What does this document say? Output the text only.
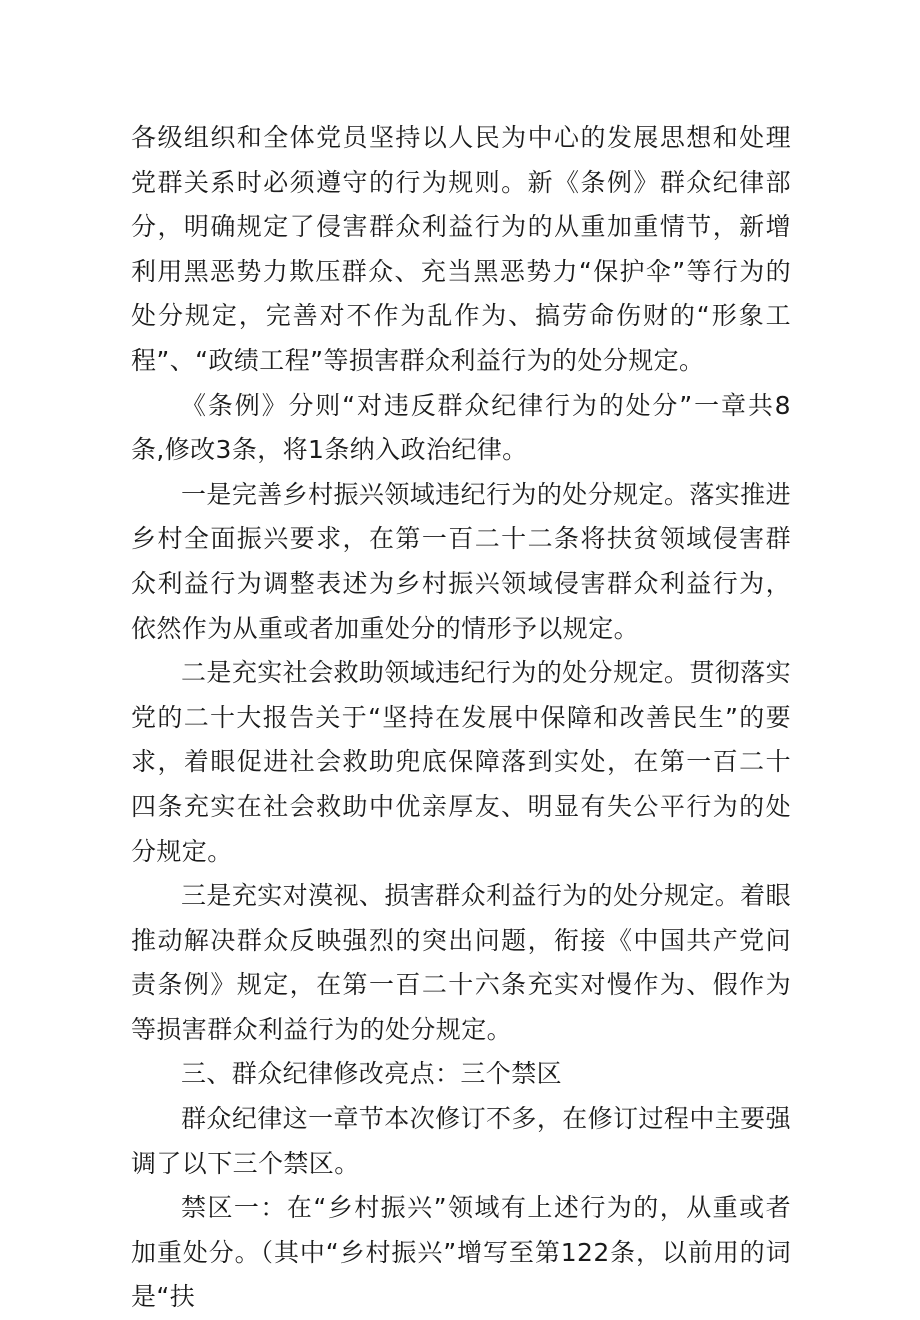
各级组织和全体党员坚持以人民为中心的发展思想和处理党群关系时必须遵守的行为规则。新《条例》群众纪律部分，明确规定了侵害群众利益行为的从重加重情节，新增利用黑恶势力欺压群众、充当黑恶势力“保护伞”等行为的处分规定，完善对不作为乱作为、搞劳命伤财的“形象工程”、“政绩工程”等损害群众利益行为的处分规定。

《条例》分则“对违反群众纪律行为的处分”一章共8条,修改3条，将1条纳入政治纪律。

一是完善乡村振兴领域违纪行为的处分规定。落实推进乡村全面振兴要求，在第一百二十二条将扶贫领域侵害群众利益行为调整表述为乡村振兴领域侵害群众利益行为，依然作为从重或者加重处分的情形予以规定。

二是充实社会救助领域违纪行为的处分规定。贯彻落实党的二十大报告关于“坚持在发展中保障和改善民生”的要求，着眼促进社会救助兜底保障落到实处，在第一百二十四条充实在社会救助中优亲厚友、明显有失公平行为的处分规定。

三是充实对漠视、损害群众利益行为的处分规定。着眼推动解决群众反映强烈的突出问题，衔接《中国共产党问责条例》规定，在第一百二十六条充实对慢作为、假作为等损害群众利益行为的处分规定。

三、群众纪律修改亮点：三个禁区

群众纪律这一章节本次修订不多，在修订过程中主要强调了以下三个禁区。

禁区一：在“乡村振兴”领域有上述行为的，从重或者加重处分。（其中“乡村振兴”增写至第122条，以前用的词是“扶
